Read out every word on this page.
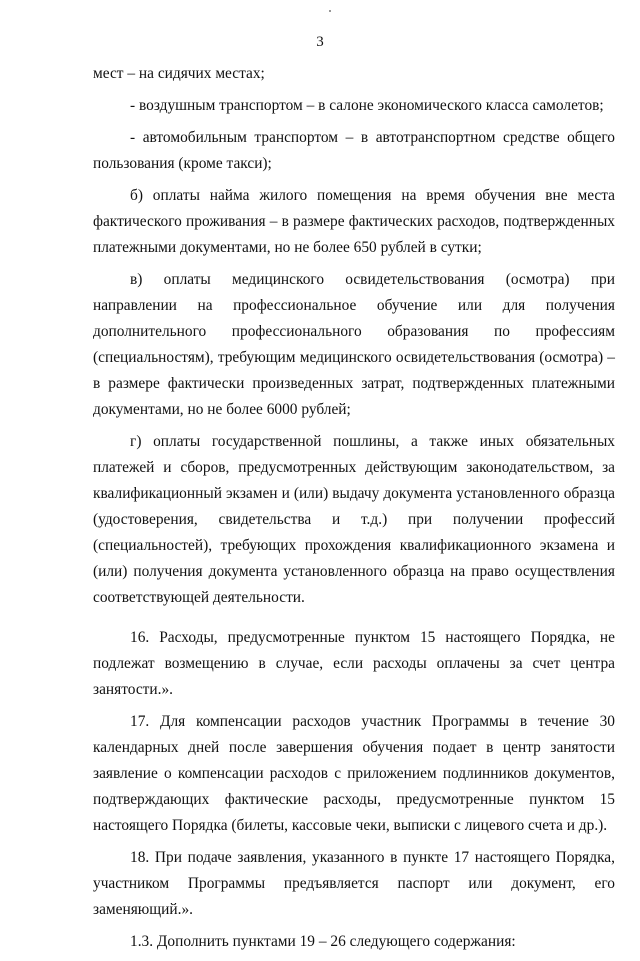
3

мест – на сидячих местах;

- воздушным транспортом – в салоне экономического класса самолетов;

- автомобильным транспортом – в автотранспортном средстве общего пользования (кроме такси);

б) оплаты найма жилого помещения на время обучения вне места фактического проживания – в размере фактических расходов, подтвержденных платежными документами, но не более 650 рублей в сутки;

в) оплаты медицинского освидетельствования (осмотра) при направлении на профессиональное обучение или для получения дополнительного профессионального образования по профессиям (специальностям), требующим медицинского освидетельствования (осмотра) – в размере фактически произведенных затрат, подтвержденных платежными документами, но не более 6000 рублей;

г) оплаты государственной пошлины, а также иных обязательных платежей и сборов, предусмотренных действующим законодательством, за квалификационный экзамен и (или) выдачу документа установленного образца (удостоверения, свидетельства и т.д.) при получении профессий (специальностей), требующих прохождения квалификационного экзамена и (или) получения документа установленного образца на право осуществления соответствующей деятельности.

16. Расходы, предусмотренные пунктом 15 настоящего Порядка, не подлежат возмещению в случае, если расходы оплачены за счет центра занятости.».

17. Для компенсации расходов участник Программы в течение 30 календарных дней после завершения обучения подает в центр занятости заявление о компенсации расходов с приложением подлинников документов, подтверждающих фактические расходы, предусмотренные пунктом 15 настоящего Порядка (билеты, кассовые чеки, выписки с лицевого счета и др.).

18. При подаче заявления, указанного в пункте 17 настоящего Порядка, участником Программы предъявляется паспорт или документ, его заменяющий.».

1.3. Дополнить пунктами 19 – 26 следующего содержания:
